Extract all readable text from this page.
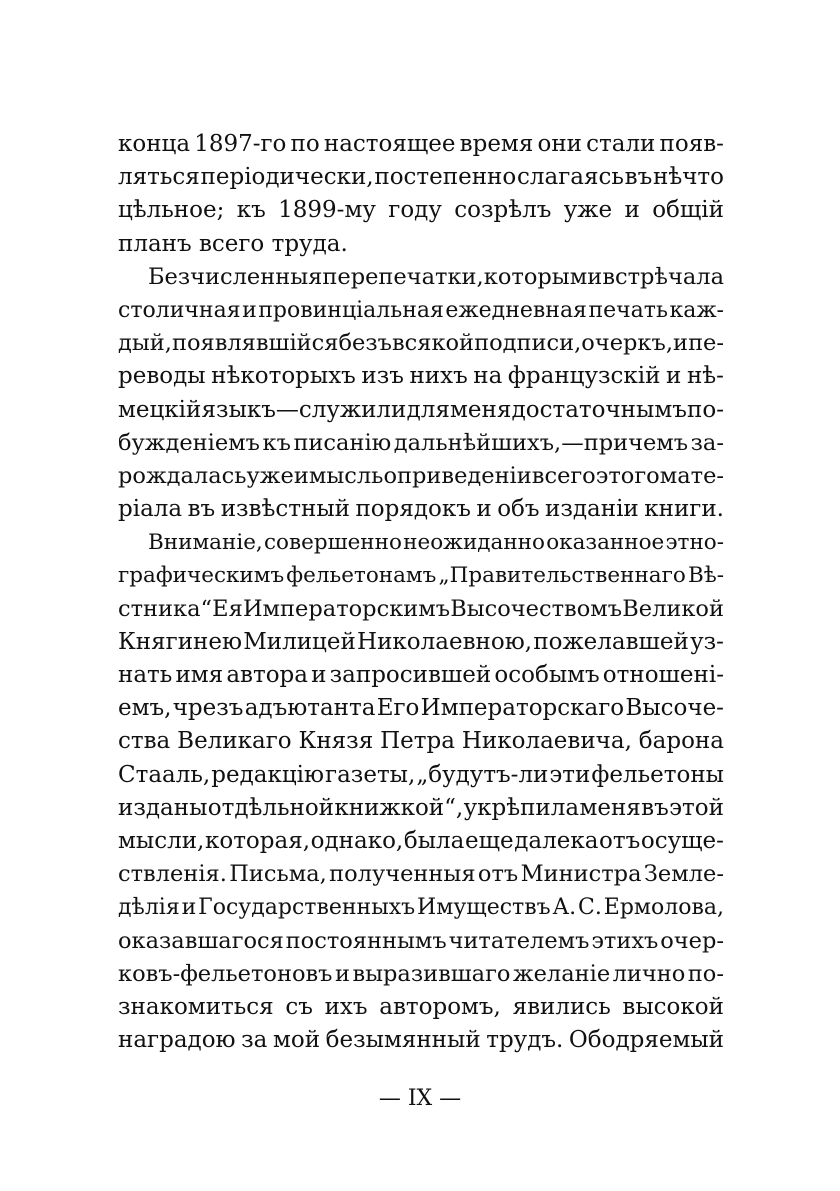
конца 1897-го по настоящее время они стали появ-
ляться періодически, постепенно слагаясь въ нѣчто
цѣльное; къ 1899-му году созрѣлъ уже и общій
планъ всего труда.
Безчисленныя перепечатки, которыми встрѣчала
столичная и провинціальная ежедневная печать каж-
дый, появлявшійся безъ всякой подписи, очеркъ, и пе-
реводы нѣкоторыхъ изъ нихъ на французскій и нѣ-
мецкій языкъ—служили для меня достаточнымъ по-
бужденіемъ къ писанію дальнѣйшихъ,—причемъ за-
рождалась уже и мысль о приведеніи всего этого мате-
ріала въ извѣстный порядокъ и объ изданіи книги.
Вниманіе, совершенно неожиданно оказанное этно-
графическимъ фельетонамъ „Правительственнаго Вѣ-
стника“ Ея Императорскимъ Высочествомъ Великой
Княгинею Милицей Николаевною, пожелавшей уз-
нать имя автора и запросившей особымъ отношені-
емъ, чрезъ адъютанта Его Императорскаго Высоче-
ства Великаго Князя Петра Николаевича, барона
Стааль, редакцію газеты, „будутъ-ли эти фельетоны
изданы отдѣльной книжкой“, укрѣпила меня въ этой
мысли, которая, однако, была еще далека отъ осуще-
ствленія. Письма, полученныя отъ Министра Земле-
дѣлія и Государственныхъ Имуществъ А. С. Ермолова,
оказавшагося постояннымъ читателемъ этихъ очер-
ковъ-фельетоновъ и выразившаго желаніе лично по-
знакомиться съ ихъ авторомъ, явились высокой
наградою за мой безымянный трудъ. Ободряемый
— IX —
